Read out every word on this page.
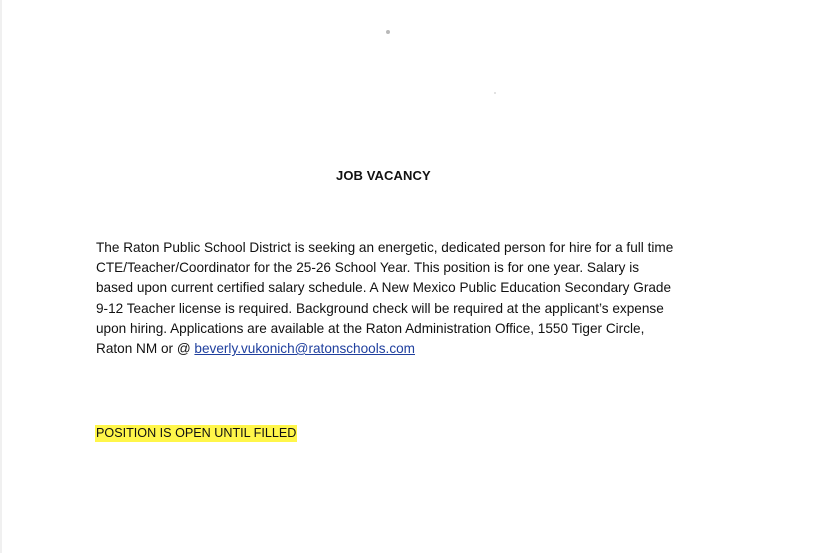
JOB VACANCY
The Raton Public School District is seeking an energetic, dedicated person for hire for a full time
CTE/Teacher/Coordinator for the 25-26 School Year. This position is for one year. Salary is
based upon current certified salary schedule. A New Mexico Public Education Secondary Grade
9-12 Teacher license is required. Background check will be required at the applicant’s expense
upon hiring. Applications are available at the Raton Administration Office, 1550 Tiger Circle,
Raton NM or @ beverly.vukonich@ratonschools.com
POSITION IS OPEN UNTIL FILLED
